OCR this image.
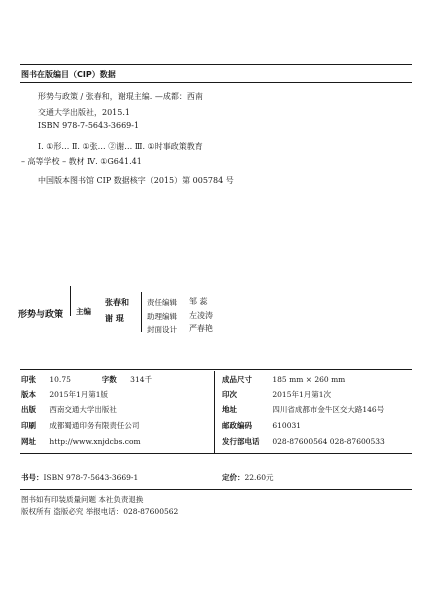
图书在版编目（CIP）数据
形势与政策 / 张春和，谢琨主编. —成都：西南
交通大学出版社，2015.1
ISBN 978-7-5643-3669-1
Ⅰ. ①形… Ⅱ. ①张… ②谢… Ⅲ. ①时事政策教育
– 高等学校 – 教材 Ⅳ. ①G641.41
中国版本图书馆 CIP 数据核字（2015）第 005784 号
形势与政策 主编
张春和
谢 琨
责任编辑 邹 蕊
助理编辑 左凌涛
封面设计 严春艳
印张 10.75	字数 314千
版本 2015年1月第1版
出版 西南交通大学出版社
印刷 成都蜀通印务有限责任公司
网址 http://www.xnjdcbs.com
成品尺寸	185 mm × 260 mm
印次	2015年1月第1次
地址	四川省成都市金牛区交大路146号
邮政编码	610031
发行部电话 028-87600564 028-87600533
书号：ISBN 978-7-5643-3669-1	定价：22.60元
图书如有印装质量问题 本社负责退换
版权所有 盗版必究 举报电话：028-87600562
